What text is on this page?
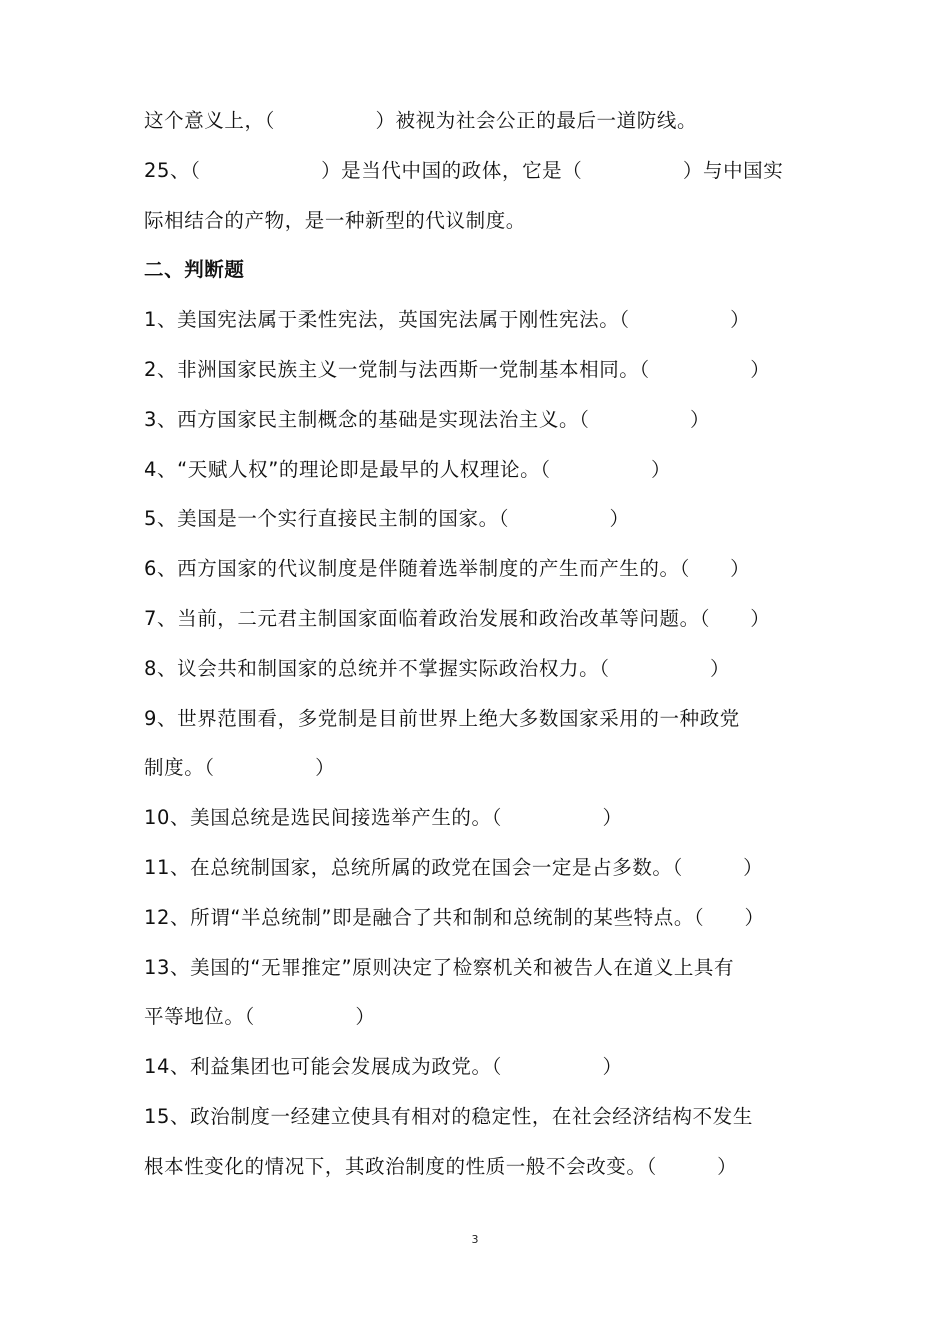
这个意义上，（　　　　　）被视为社会公正的最后一道防线。
25、（　　　　　　）是当代中国的政体，它是（　　　　　）与中国实
际相结合的产物，是一种新型的代议制度。
二、判断题
1、美国宪法属于柔性宪法，英国宪法属于刚性宪法。（　　　　　）
2、非洲国家民族主义一党制与法西斯一党制基本相同。（　　　　　）
3、西方国家民主制概念的基础是实现法治主义。（　　　　　）
4、“天赋人权”的理论即是最早的人权理论。（　　　　　）
5、美国是一个实行直接民主制的国家。（　　　　　）
6、西方国家的代议制度是伴随着选举制度的产生而产生的。（　　）
7、当前，二元君主制国家面临着政治发展和政治改革等问题。（　　）
8、议会共和制国家的总统并不掌握实际政治权力。（　　　　　）
9、世界范围看，多党制是目前世界上绝大多数国家采用的一种政党
制度。（　　　　　）
10、美国总统是选民间接选举产生的。（　　　　　）
11、在总统制国家，总统所属的政党在国会一定是占多数。（　　　）
12、所谓“半总统制”即是融合了共和制和总统制的某些特点。（　　）
13、美国的“无罪推定”原则决定了检察机关和被告人在道义上具有
平等地位。（　　　　　）
14、利益集团也可能会发展成为政党。（　　　　　）
15、政治制度一经建立使具有相对的稳定性，在社会经济结构不发生
根本性变化的情况下，其政治制度的性质一般不会改变。（　　　）
3
